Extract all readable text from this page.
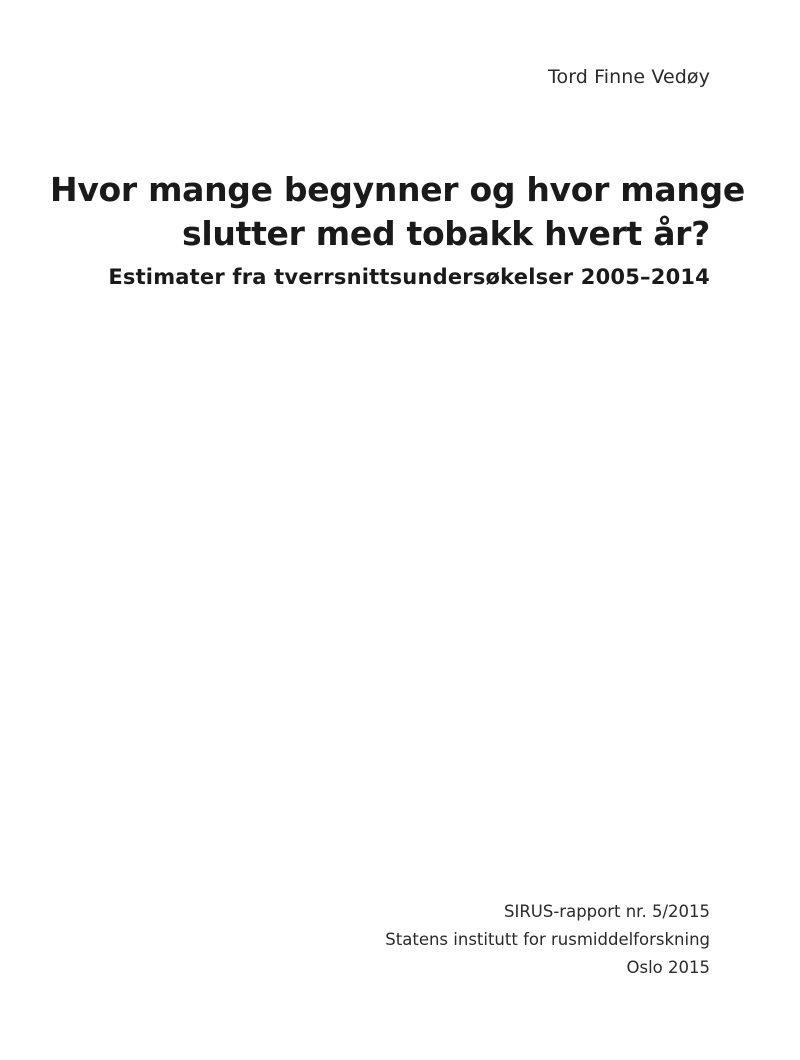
Tord Finne Vedøy
Hvor mange begynner og hvor mange
slutter med tobakk hvert år?
Estimater fra tverrsnittsundersøkelser 2005–2014
SIRUS-rapport nr. 5/2015
Statens institutt for rusmiddelforskning
Oslo 2015
